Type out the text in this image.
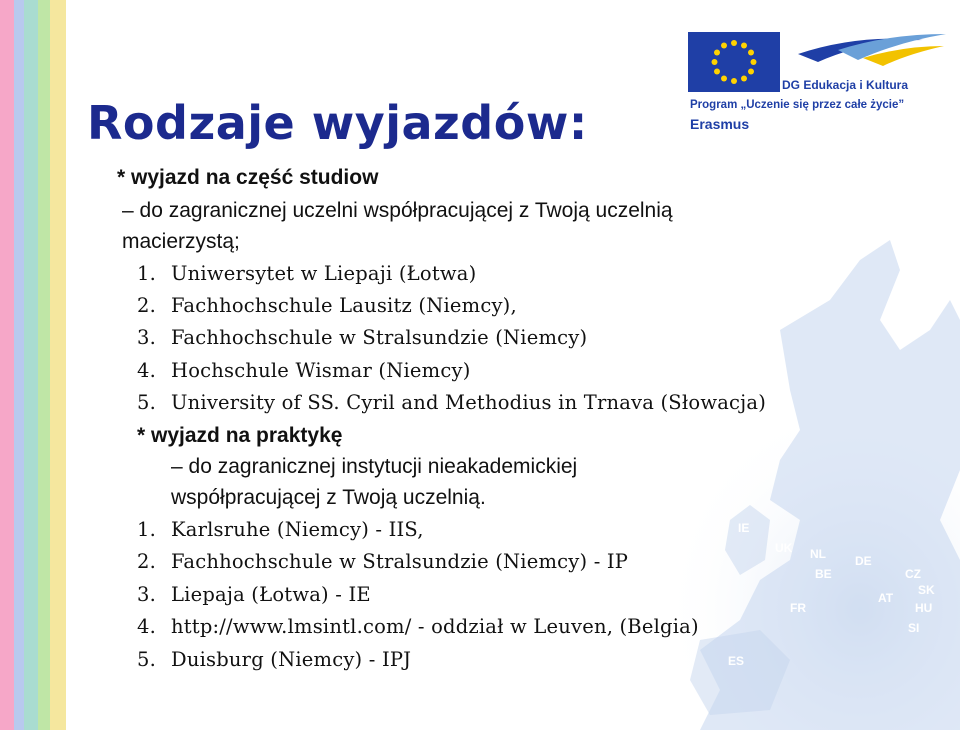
IE
UK NL
BE
DE
CZ
SK
HU
AT
SI
FR
ES
DG Edukacja i Kultura
Program „Uczenie się przez całe życie”
Erasmus
Rodzaje wyjazdów:
* wyjazd na część studiow
– do zagranicznej uczelni współpracującej z Twoją uczelnią
macierzystą;
1. Uniwersytet w Liepaji (Łotwa)
2. Fachhochschule Lausitz (Niemcy),
3. Fachhochschule w Stralsundzie (Niemcy)
4. Hochschule Wismar (Niemcy)
5. University of SS. Cyril and Methodius in Trnava (Słowacja)
* wyjazd na praktykę
– do zagranicznej instytucji nieakademickiej
współpracującej z Twoją uczelnią.
1. Karlsruhe (Niemcy) - IIS,
2. Fachhochschule w Stralsundzie (Niemcy) - IP
3. Liepaja (Łotwa) - IE
4. http://www.lmsintl.com/ - oddział w Leuven, (Belgia)
5. Duisburg (Niemcy) - IPJ
